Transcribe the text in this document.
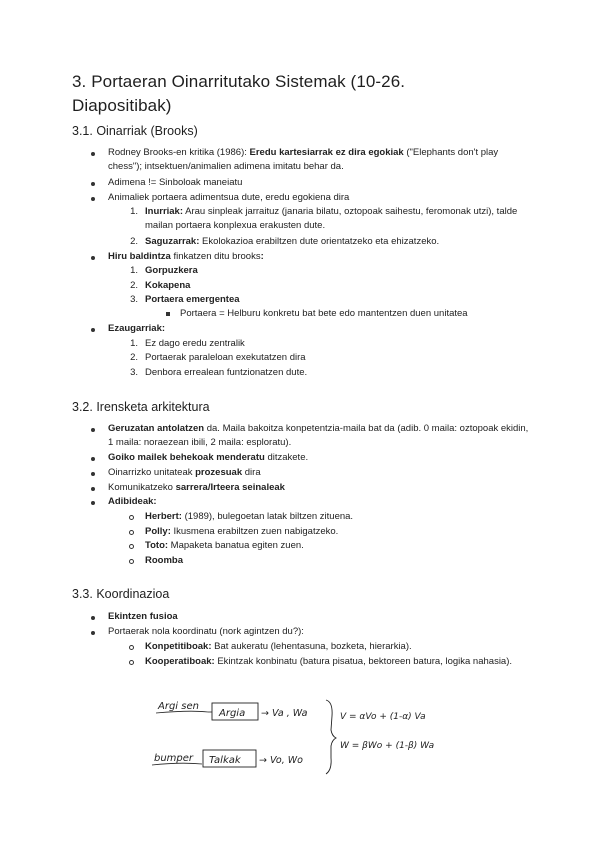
3. Portaeran Oinarritutako Sistemak (10-26. Diapositibak)
3.1. Oinarriak (Brooks)
Rodney Brooks-en kritika (1986): Eredu kartesiarrak ez dira egokiak ("Elephants don't play chess"); intsektuen/animalien adimena imitatu behar da.
Adimena != Sinboloak maneiatu
Animaliek portaera adimentsua dute, eredu egokiena dira
1. Inurriak: Arau sinpleak jarraituz (janaria bilatu, oztopoak saihestu, feromonak utzi), talde mailan portaera konplexua erakusten dute.
2. Saguzarrak: Ekolokazioa erabiltzen dute orientatzeko eta ehizatzeko.
Hiru baldintza finkatzen ditu brooks:
1. Gorpuzkera
2. Kokapena
3. Portaera emergentea
Portaera = Helburu konkretu bat bete edo mantentzen duen unitatea
Ezaugarriak:
1. Ez dago eredu zentralik
2. Portaerak paraleloan exekutatzen dira
3. Denbora errealean funtzionatzen dute.
3.2. Irensketa arkitektura
Geruzatan antolatzen da. Maila bakoitza konpetentzia-maila bat da (adib. 0 maila: oztopoak ekidin, 1 maila: noraezean ibili, 2 maila: esploratu).
Goiko mailek behekoak menderatu ditzakete.
Oinarrizko unitateak prozesuak dira
Komunikatzeko sarrera/Irteera seinaleak
Adibideak:
Herbert: (1989), bulegoetan latak biltzen zituena.
Polly: Ikusmena erabiltzen zuen nabigatzeko.
Toto: Mapaketa banatua egiten zuen.
Roomba
3.3. Koordinazioa
Ekintzen fusioa
Portaerak nola koordinatu (nork agintzen du?):
Konpetitiboak: Bat aukeratu (lehentasuna, bozketa, hierarkia).
Kooperatiboak: Ekintzak konbinatu (batura pisatua, bektoreen batura, logika nahasia).
Argi sen
Argia → Va , Wa
bumper Talkak → Vo, Wo
V = αVo + (1-α) Va
W = βWo + (1-β) Wa
